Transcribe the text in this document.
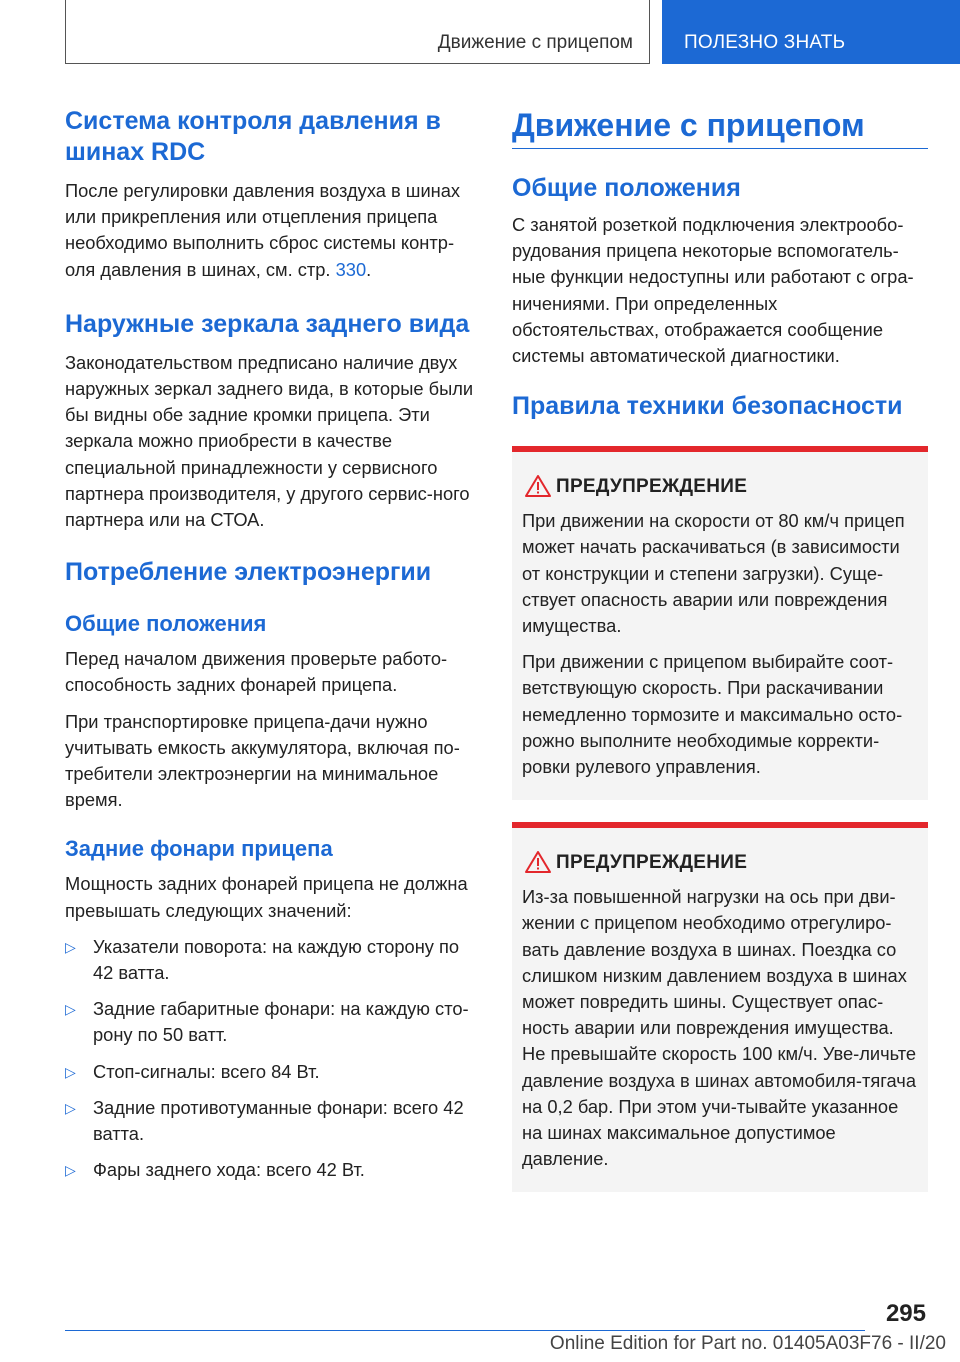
Движение с прицепом	ПОЛЕЗНО ЗНАТЬ
Система контроля давления в шинах RDC

После регулировки давления воздуха в шинах или прикрепления или отцепления прицепа необходимо выполнить сброс системы контр-оля давления в шинах, см. стр. 330.

Наружные зеркала заднего вида

Законодательством предписано наличие двух наружных зеркал заднего вида, в которые были бы видны обе задние кромки прицепа. Эти зеркала можно приобрести в качестве специальной принадлежности у сервисного партнера производителя, у другого сервис-ного партнера или на СТОА.

Потребление электроэнергии
Общие положения

Перед началом движения проверьте работо-способность задних фонарей прицепа.

При транспортировке прицепа-дачи нужно учитывать емкость аккумулятора, включая по-требители электроэнергии на минимальное время.

Задние фонари прицепа

Мощность задних фонарей прицепа не должна превышать следующих значений:

▷ Указатели поворота: на каждую сторону по 42 ватта.
▷ Задние габаритные фонари: на каждую сто-рону по 50 ватт.
▷ Стоп-сигналы: всего 84 Вт.
▷ Задние противотуманные фонари: всего 42 ватта.
▷ Фары заднего хода: всего 42 Вт.
Движение с прицепом
Общие положения

С занятой розеткой подключения электрообо-рудования прицепа некоторые вспомогатель-ные функции недоступны или работают с огра-ничениями. При определенных обстоятельствах, отображается сообщение системы автоматической диагностики.

Правила техники безопасности
ПРЕДУПРЕЖДЕНИЕ

При движении на скорости от 80 км/ч прицеп может начать раскачиваться (в зависимости от конструкции и степени загрузки). Суще-ствует опасность аварии или повреждения имущества.

При движении с прицепом выбирайте соот-ветствующую скорость. При раскачивании немедленно тормозите и максимально осто-рожно выполните необходимые корректи-ровки рулевого управления.

ПРЕДУПРЕЖДЕНИЕ

Из-за повышенной нагрузки на ось при дви-жении с прицепом необходимо отрегулиро-вать давление воздуха в шинах. Поездка со слишком низким давлением воздуха в шинах может повредить шины. Существует опас-ность аварии или повреждения имущества. Не превышайте скорость 100 км/ч. Уве-личьте давление воздуха в шинах автомобиля-тягача на 0,2 бар. При этом учи-тывайте указанное на шинах максимальное допустимое давление.

295
Online Edition for Part no. 01405A03F76 - II/20
